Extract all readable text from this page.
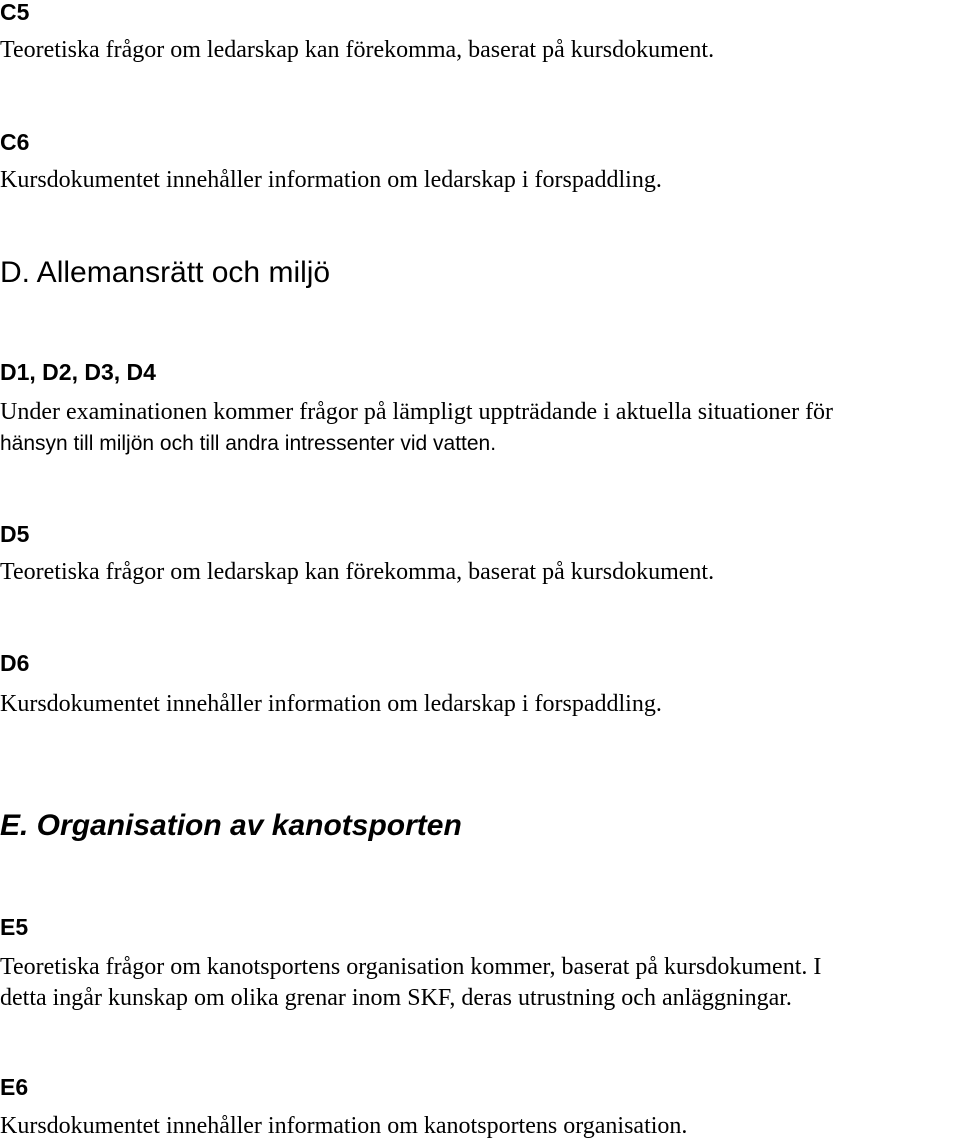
C5
Teoretiska frågor om ledarskap kan förekomma, baserat på kursdokument.
C6
Kursdokumentet innehåller information om ledarskap i forspaddling.
D. Allemansrätt och miljö
D1, D2, D3, D4
Under examinationen kommer frågor på lämpligt uppträdande i aktuella situationer för
hänsyn till miljön och till andra intressenter vid vatten.
D5
Teoretiska frågor om ledarskap kan förekomma, baserat på kursdokument.
D6
Kursdokumentet innehåller information om ledarskap i forspaddling.
E. Organisation av kanotsporten
E5
Teoretiska frågor om kanotsportens organisation kommer, baserat på kursdokument. I
detta ingår kunskap om olika grenar inom SKF, deras utrustning och anläggningar.
E6
Kursdokumentet innehåller information om kanotsportens organisation.
